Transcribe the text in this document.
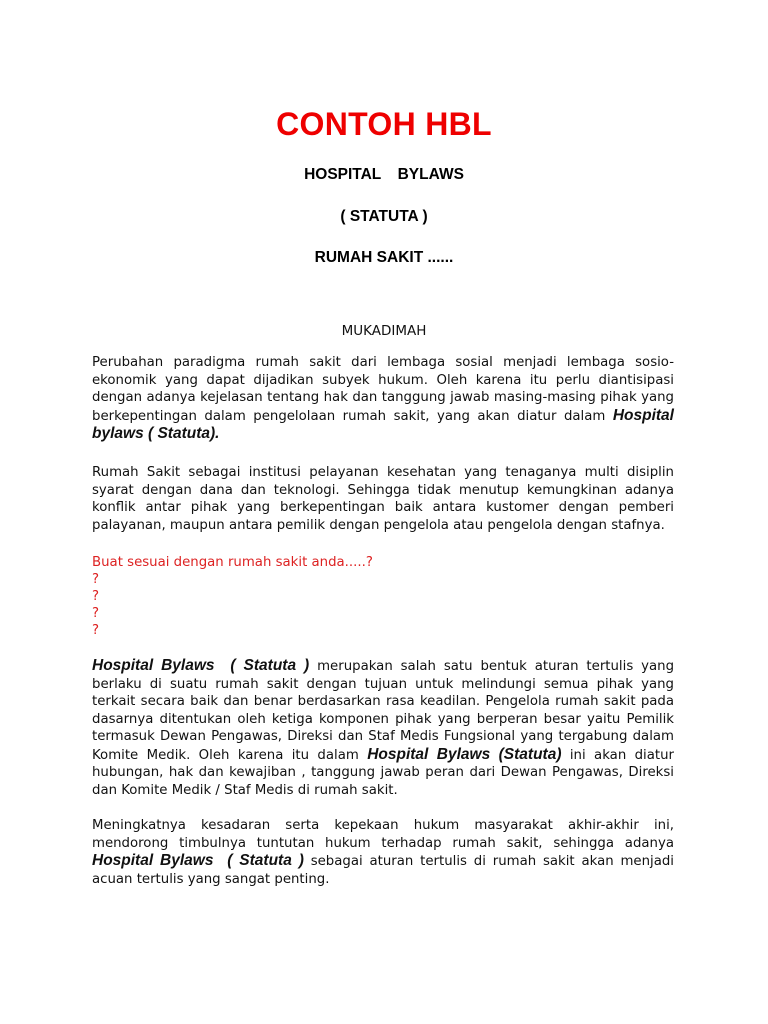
CONTOH HBL
HOSPITAL  BYLAWS
( STATUTA )
RUMAH SAKIT ......
MUKADIMAH

Perubahan paradigma rumah sakit dari lembaga sosial menjadi lembaga sosio-ekonomik yang dapat dijadikan subyek hukum. Oleh karena itu perlu diantisipasi dengan adanya kejelasan tentang hak dan tanggung jawab masing-masing pihak yang berkepentingan dalam pengelolaan rumah sakit, yang akan diatur dalam Hospital bylaws ( Statuta).

Rumah Sakit sebagai institusi pelayanan kesehatan yang tenaganya multi disiplin syarat dengan dana dan teknologi. Sehingga tidak menutup kemungkinan adanya konflik antar pihak yang berkepentingan baik antara kustomer dengan pemberi palayanan, maupun antara pemilik dengan pengelola atau pengelola dengan stafnya.

Buat sesuai dengan rumah sakit anda.....?
?
?
?
?

Hospital Bylaws  ( Statuta ) merupakan salah satu bentuk aturan tertulis yang berlaku di suatu rumah sakit dengan tujuan untuk melindungi semua pihak yang terkait secara baik dan benar berdasarkan rasa keadilan. Pengelola rumah sakit pada dasarnya ditentukan oleh ketiga komponen pihak yang berperan besar yaitu Pemilik termasuk Dewan Pengawas, Direksi dan Staf Medis Fungsional yang tergabung dalam Komite Medik. Oleh karena itu dalam Hospital Bylaws (Statuta) ini akan diatur hubungan, hak dan kewajiban , tanggung jawab peran dari Dewan Pengawas, Direksi dan Komite Medik / Staf Medis di rumah sakit.

Meningkatnya kesadaran serta kepekaan hukum masyarakat akhir-akhir ini, mendorong timbulnya tuntutan hukum terhadap rumah sakit, sehingga adanya Hospital Bylaws  ( Statuta ) sebagai aturan tertulis di rumah sakit akan menjadi acuan tertulis yang sangat penting.
